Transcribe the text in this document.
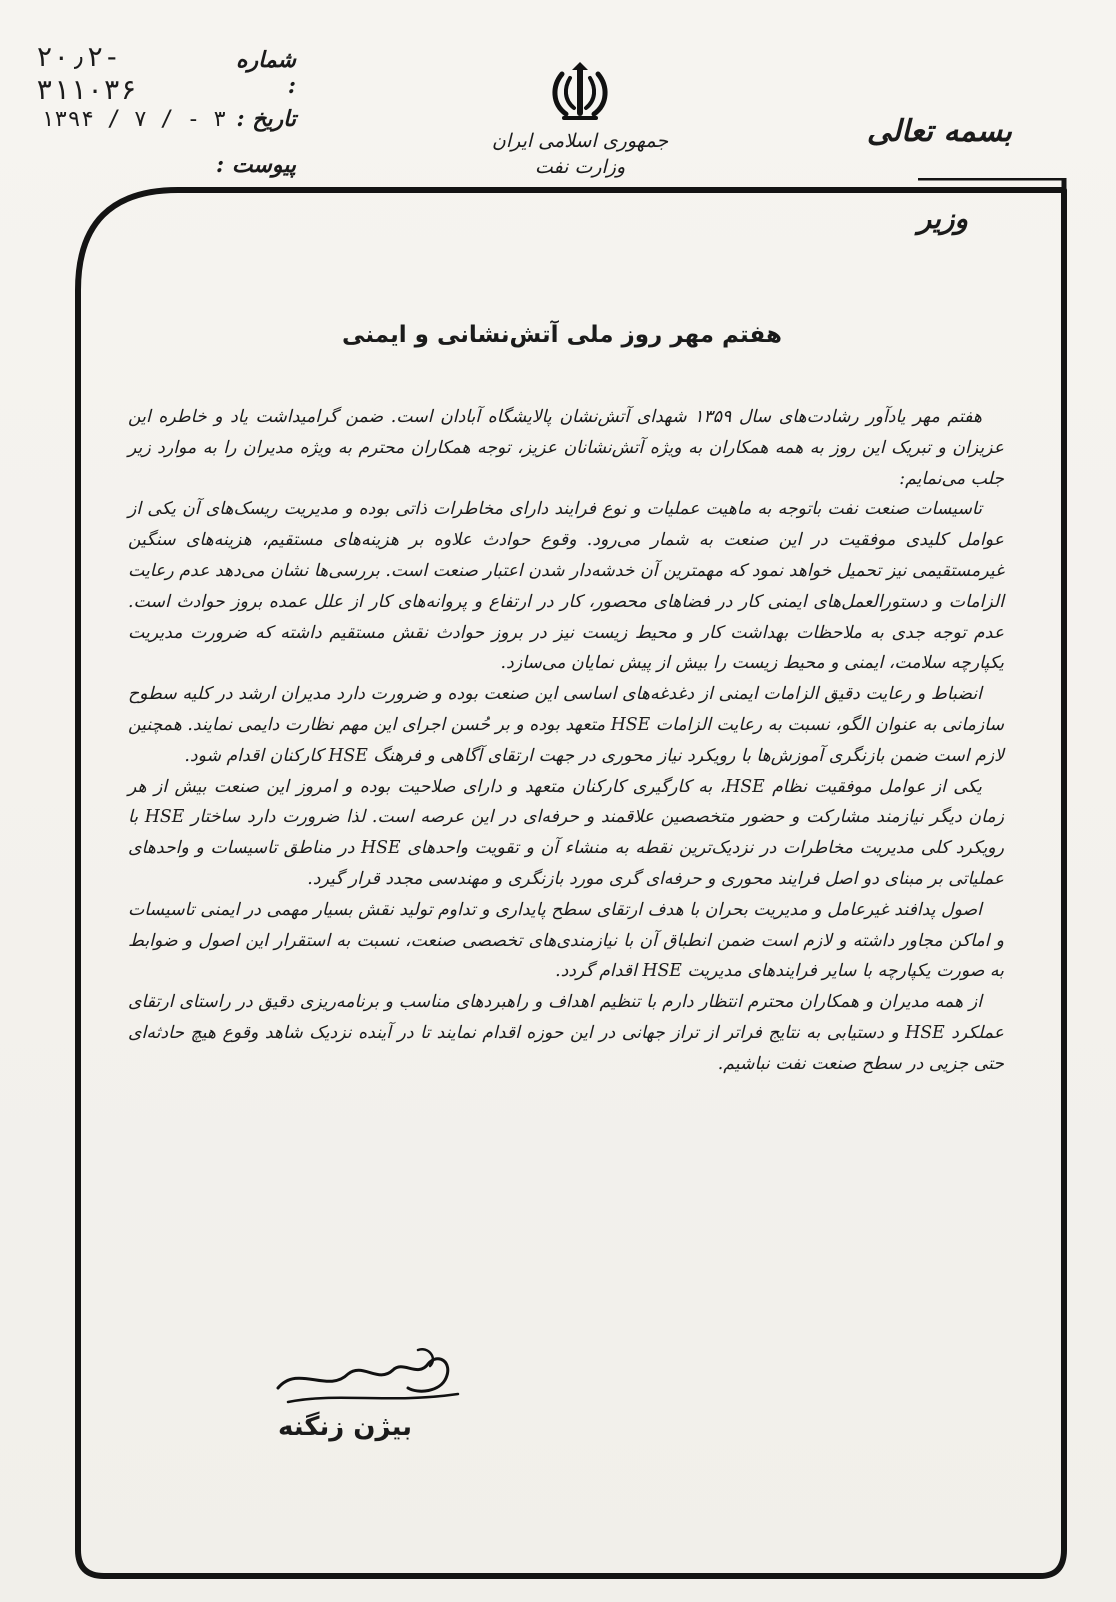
شماره :
۲۰٫۲- ۳۱۱۰۳۶
تاریخ :
۱۳۹۴ / ۷ / - ۳
پیوست :
جمهوری اسلامی ایران
وزارت نفت
بسمه تعالی
وزیر
هفتم مهر روز ملی آتش‌نشانی و ایمنی

هفتم مهر یادآور رشادت‌های سال ۱۳۵۹ شهدای آتش‌نشان پالایشگاه آبادان است. ضمن گرامیداشت یاد و خاطره این عزیزان و تبریک این روز به همه همکاران به ویژه آتش‌نشانان عزیز، توجه همکاران محترم به ویژه مدیران را به موارد زیر جلب می‌نمایم:

تاسیسات صنعت نفت باتوجه به ماهیت عملیات و نوع فرایند دارای مخاطرات ذاتی بوده و مدیریت ریسک‌های آن یکی از عوامل کلیدی موفقیت در این صنعت به شمار می‌رود. وقوع حوادث علاوه بر هزینه‌های مستقیم، هزینه‌های سنگین غیرمستقیمی نیز تحمیل خواهد نمود که مهمترین آن خدشه‌دار شدن اعتبار صنعت است. بررسی‌ها نشان می‌دهد عدم رعایت الزامات و دستورالعمل‌های ایمنی کار در فضاهای محصور، کار در ارتفاع و پروانه‌های کار از علل عمده بروز حوادث است. عدم توجه جدی به ملاحظات بهداشت کار و محیط زیست نیز در بروز حوادث نقش مستقیم داشته که ضرورت مدیریت یکپارچه سلامت، ایمنی و محیط زیست را بیش از پیش نمایان می‌سازد.

انضباط و رعایت دقیق الزامات ایمنی از دغدغه‌های اساسی این صنعت بوده و ضرورت دارد مدیران ارشد در کلیه سطوح سازمانی به عنوان الگو، نسبت به رعایت الزامات HSE متعهد بوده و بر حُسن اجرای این مهم نظارت دایمی نمایند. همچنین لازم است ضمن بازنگری آموزش‌ها با رویکرد نیاز محوری در جهت ارتقای آگاهی و فرهنگ HSE کارکنان اقدام شود.

یکی از عوامل موفقیت نظام HSE، به کارگیری کارکنان متعهد و دارای صلاحیت بوده و امروز این صنعت بیش از هر زمان دیگر نیازمند مشارکت و حضور متخصصین علاقمند و حرفه‌ای در این عرصه است. لذا ضرورت دارد ساختار HSE با رویکرد کلی مدیریت مخاطرات در نزدیک‌ترین نقطه به منشاء آن و تقویت واحدهای HSE در مناطق تاسیسات و واحدهای عملیاتی بر مبنای دو اصل فرایند محوری و حرفه‌ای گری مورد بازنگری و مهندسی مجدد قرار گیرد.

اصول پدافند غیرعامل و مدیریت بحران با هدف ارتقای سطح پایداری و تداوم تولید نقش بسیار مهمی در ایمنی تاسیسات و اماکن مجاور داشته و لازم است ضمن انطباق آن با نیازمندی‌های تخصصی صنعت، نسبت به استقرار این اصول و ضوابط به صورت یکپارچه با سایر فرایندهای مدیریت HSE اقدام گردد.

از همه مدیران و همکاران محترم انتظار دارم با تنظیم اهداف و راهبردهای مناسب و برنامه‌ریزی دقیق در راستای ارتقای عملکرد HSE و دستیابی به نتایج فراتر از تراز جهانی در این حوزه اقدام نمایند تا در آینده نزدیک شاهد وقوع هیچ حادثه‌ای حتی جزیی در سطح صنعت نفت نباشیم.

بیژن زنگنه
